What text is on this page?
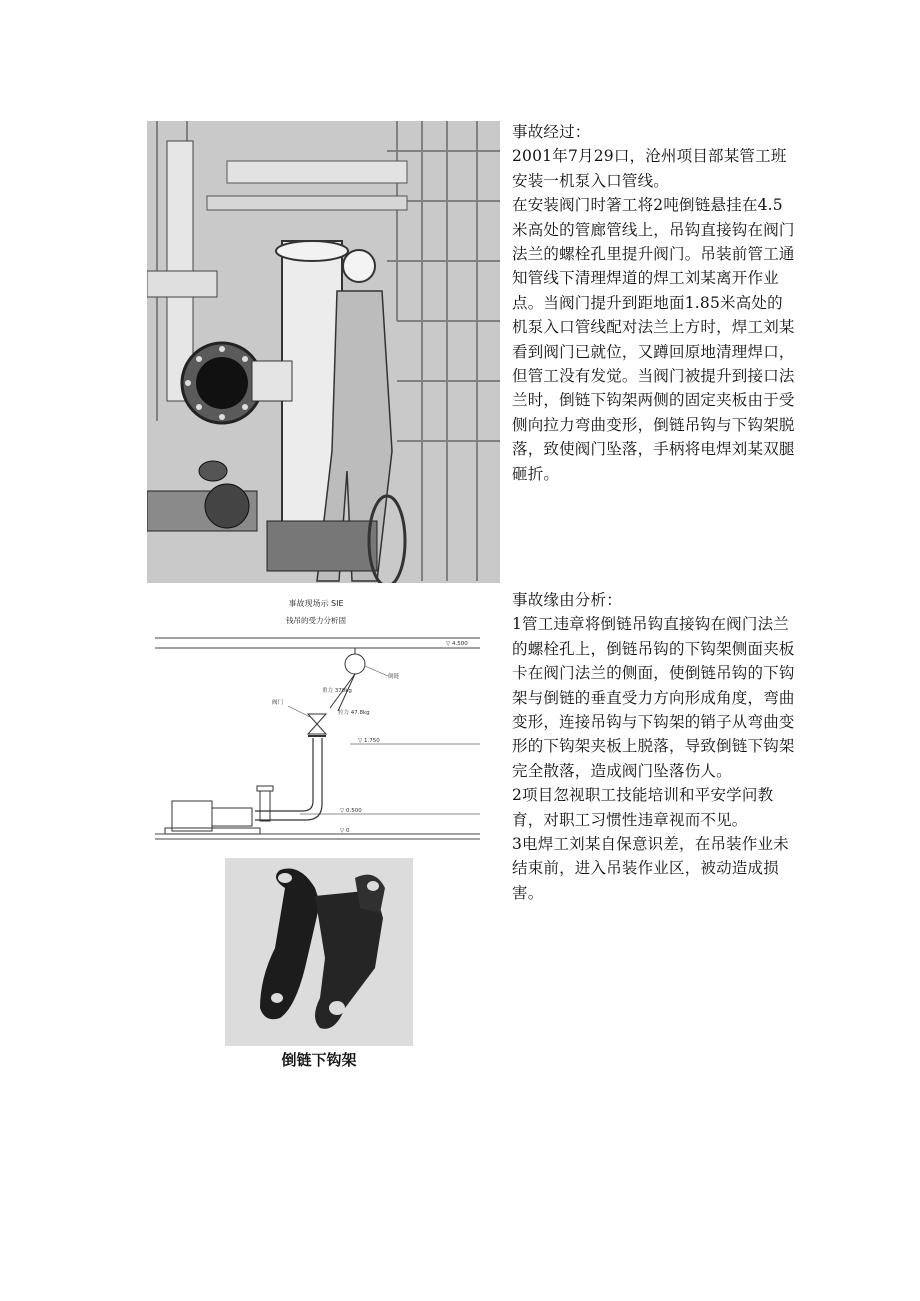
事故经过：

2001年7月29口，沧州项目部某管工班安装一机泵入口管线。

在安装阀门时箸工将2吨倒链悬挂在4.5米高处的管廊管线上，吊钩直接钩在阀门法兰的螺栓孔里提升阀门。吊装前管工通知管线下清理焊道的焊工刘某离开作业点。当阀门提升到距地面1.85米高处的机泵入口管线配对法兰上方时，焊工刘某看到阀门已就位，又蹲回原地清理焊口，但管工没有发觉。当阀门被提升到接口法兰时，倒链下钩架两侧的固定夹板由于受侧向拉力弯曲变形，倒链吊钩与下钩架脱落，致使阀门坠落，手柄将电焊刘某双腿砸折。

▽ 4.500
▽ 1.750
▽ 0.500
▽ 0
倒链
阀门
重力 370kg
拉力 47.8kg
事故现场示 SIE
钱吊的受力分析固

事故缘由分析：

1管工违章将倒链吊钩直接钩在阀门法兰的螺栓孔上，倒链吊钩的下钩架侧面夹板卡在阀门法兰的侧面，使倒链吊钩的下钩架与倒链的垂直受力方向形成角度，弯曲变形，连接吊钩与下钩架的销子从弯曲变形的下钩架夹板上脱落，导致倒链下钩架完全散落，造成阀门坠落伤人。

2项目忽视职工技能培训和平安学问教育，对职工习惯性违章视而不见。

3电焊工刘某自保意识差，在吊装作业未结束前，进入吊装作业区，被动造成损害。

倒链下钩架
